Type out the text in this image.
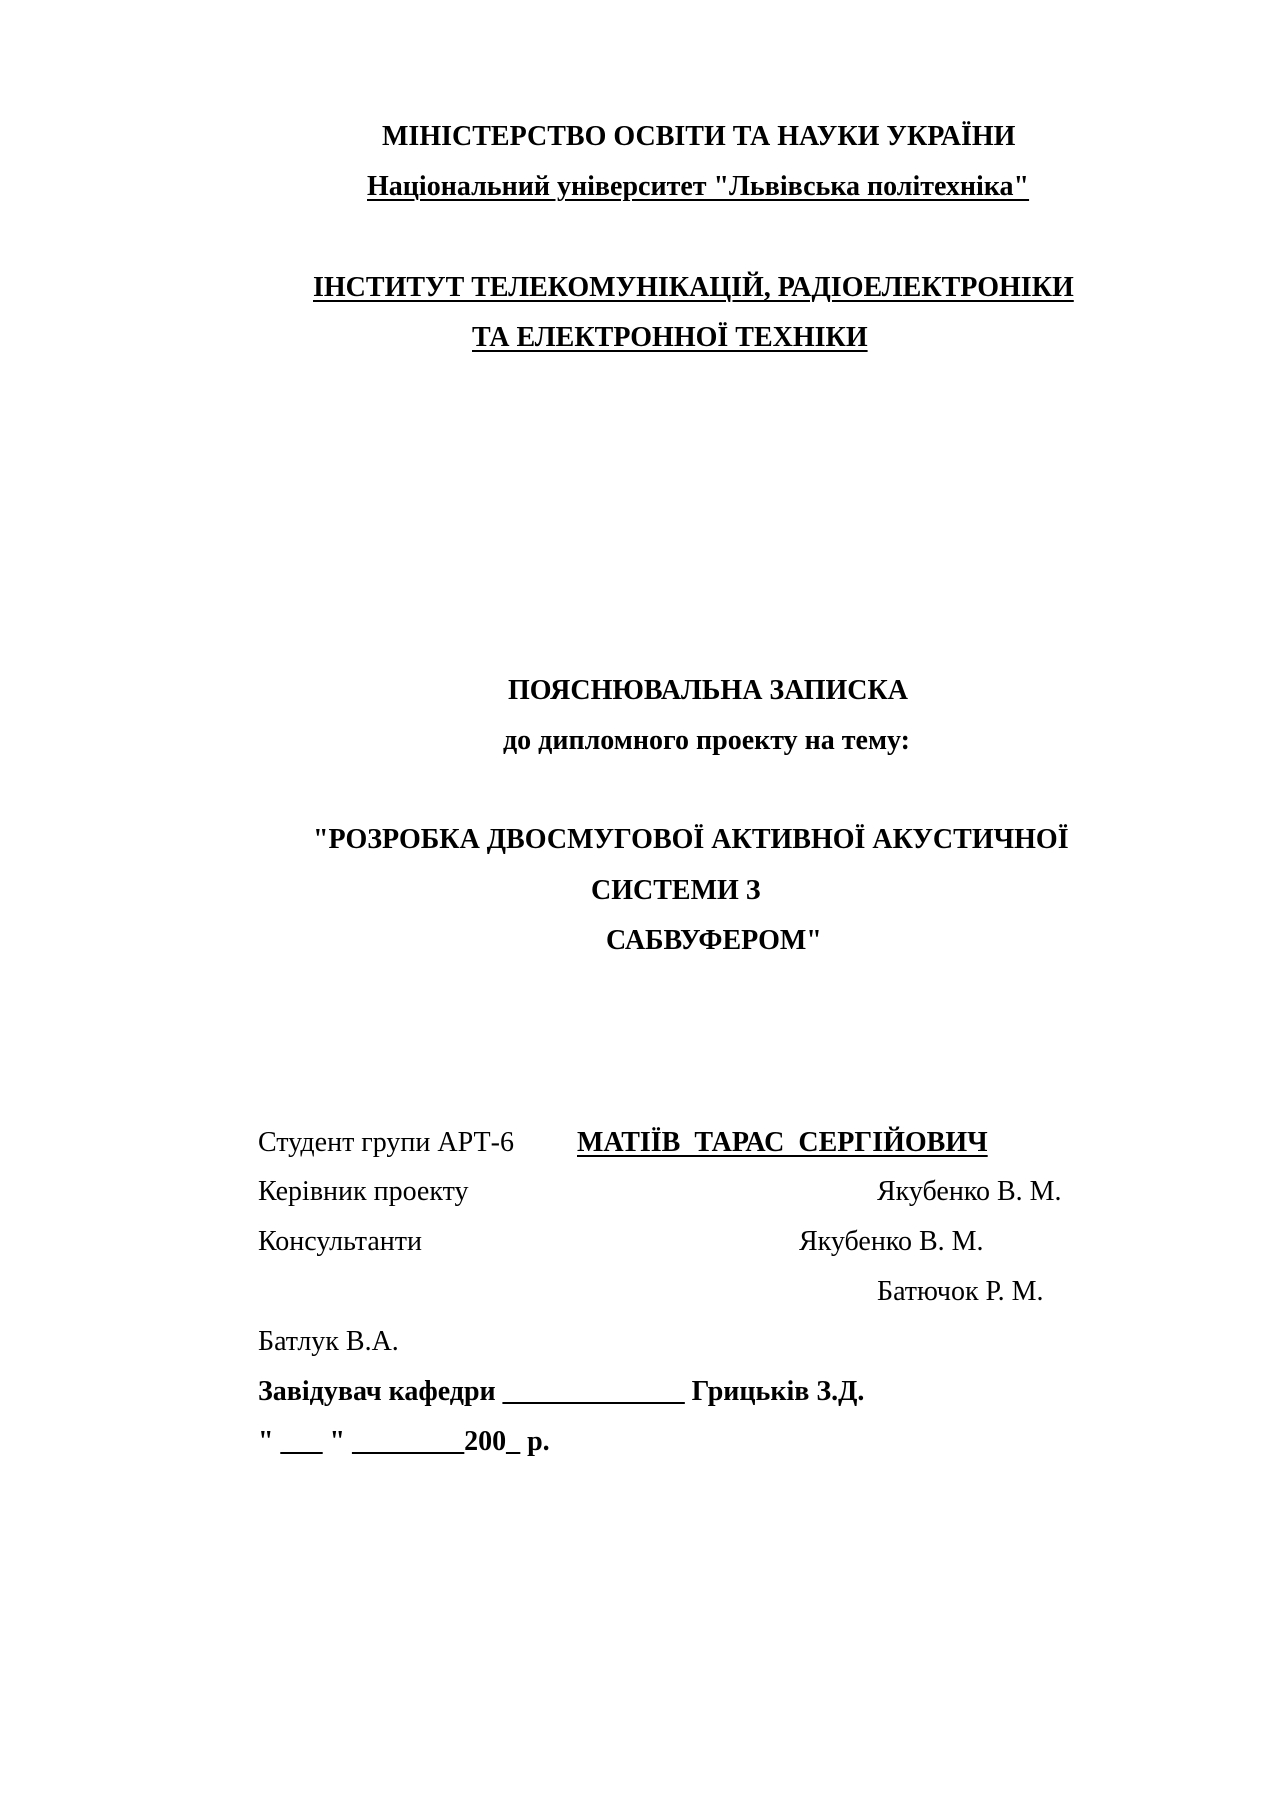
МІНІСТЕРСТВО ОСВІТИ ТА НАУКИ УКРАЇНИ
Національний університет "Львівська політехніка"
ІНСТИТУТ ТЕЛЕКОМУНІКАЦІЙ, РАДІОЕЛЕКТРОНІКИ
ТА ЕЛЕКТРОННОЇ ТЕХНІКИ
ПОЯСНЮВАЛЬНА ЗАПИСКА
до дипломного проекту на тему:
"РОЗРОБКА ДВОСМУГОВОЇ АКТИВНОЇ АКУСТИЧНОЇ
СИСТЕМИ З
САБВУФЕРОМ"
Студент групи АРТ-6 МАТІЇВ  ТАРАС  СЕРГІЙОВИЧ
Керівник проекту	Якубенко В. М.
Консультанти	Якубенко В. М.
Батючок Р. М.
Батлук В.А.
Завідувач кафедри _____________ Грицьків З.Д.
" ___ " ________200_ р.
